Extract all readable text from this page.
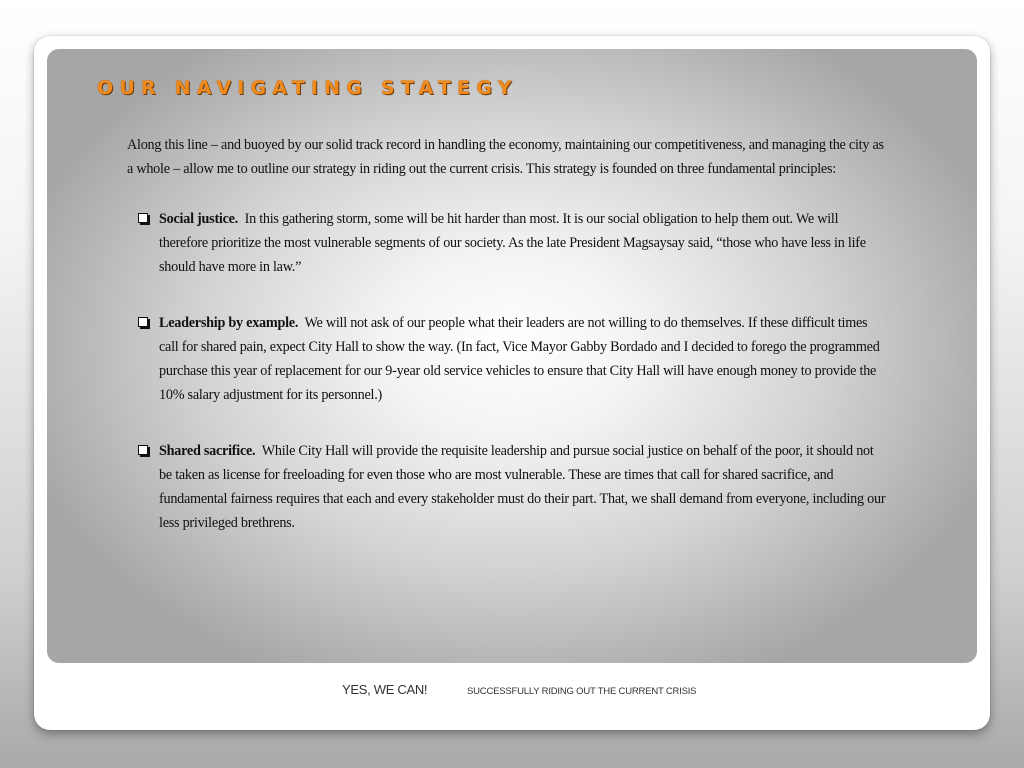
OUR NAVIGATING STATEGY

Along this line – and buoyed by our solid track record in handling the economy, maintaining our competitiveness, and managing the city as a whole – allow me to outline our strategy in riding out the current crisis. This strategy is founded on three fundamental principles:

Social justice. In this gathering storm, some will be hit harder than most. It is our social obligation to help them out. We will therefore prioritize the most vulnerable segments of our society. As the late President Magsaysay said, “those who have less in life should have more in law.”
Leadership by example. We will not ask of our people what their leaders are not willing to do themselves. If these difficult times call for shared pain, expect City Hall to show the way. (In fact, Vice Mayor Gabby Bordado and I decided to forego the programmed purchase this year of replacement for our 9-year old service vehicles to ensure that City Hall will have enough money to provide the 10% salary adjustment for its personnel.)
Shared sacrifice. While City Hall will provide the requisite leadership and pursue social justice on behalf of the poor, it should not be taken as license for freeloading for even those who are most vulnerable. These are times that call for shared sacrifice, and fundamental fairness requires that each and every stakeholder must do their part. That, we shall demand from everyone, including our less privileged brethrens.
YES, WE CAN!	SUCCESSFULLY RIDING OUT THE CURRENT CRISIS
